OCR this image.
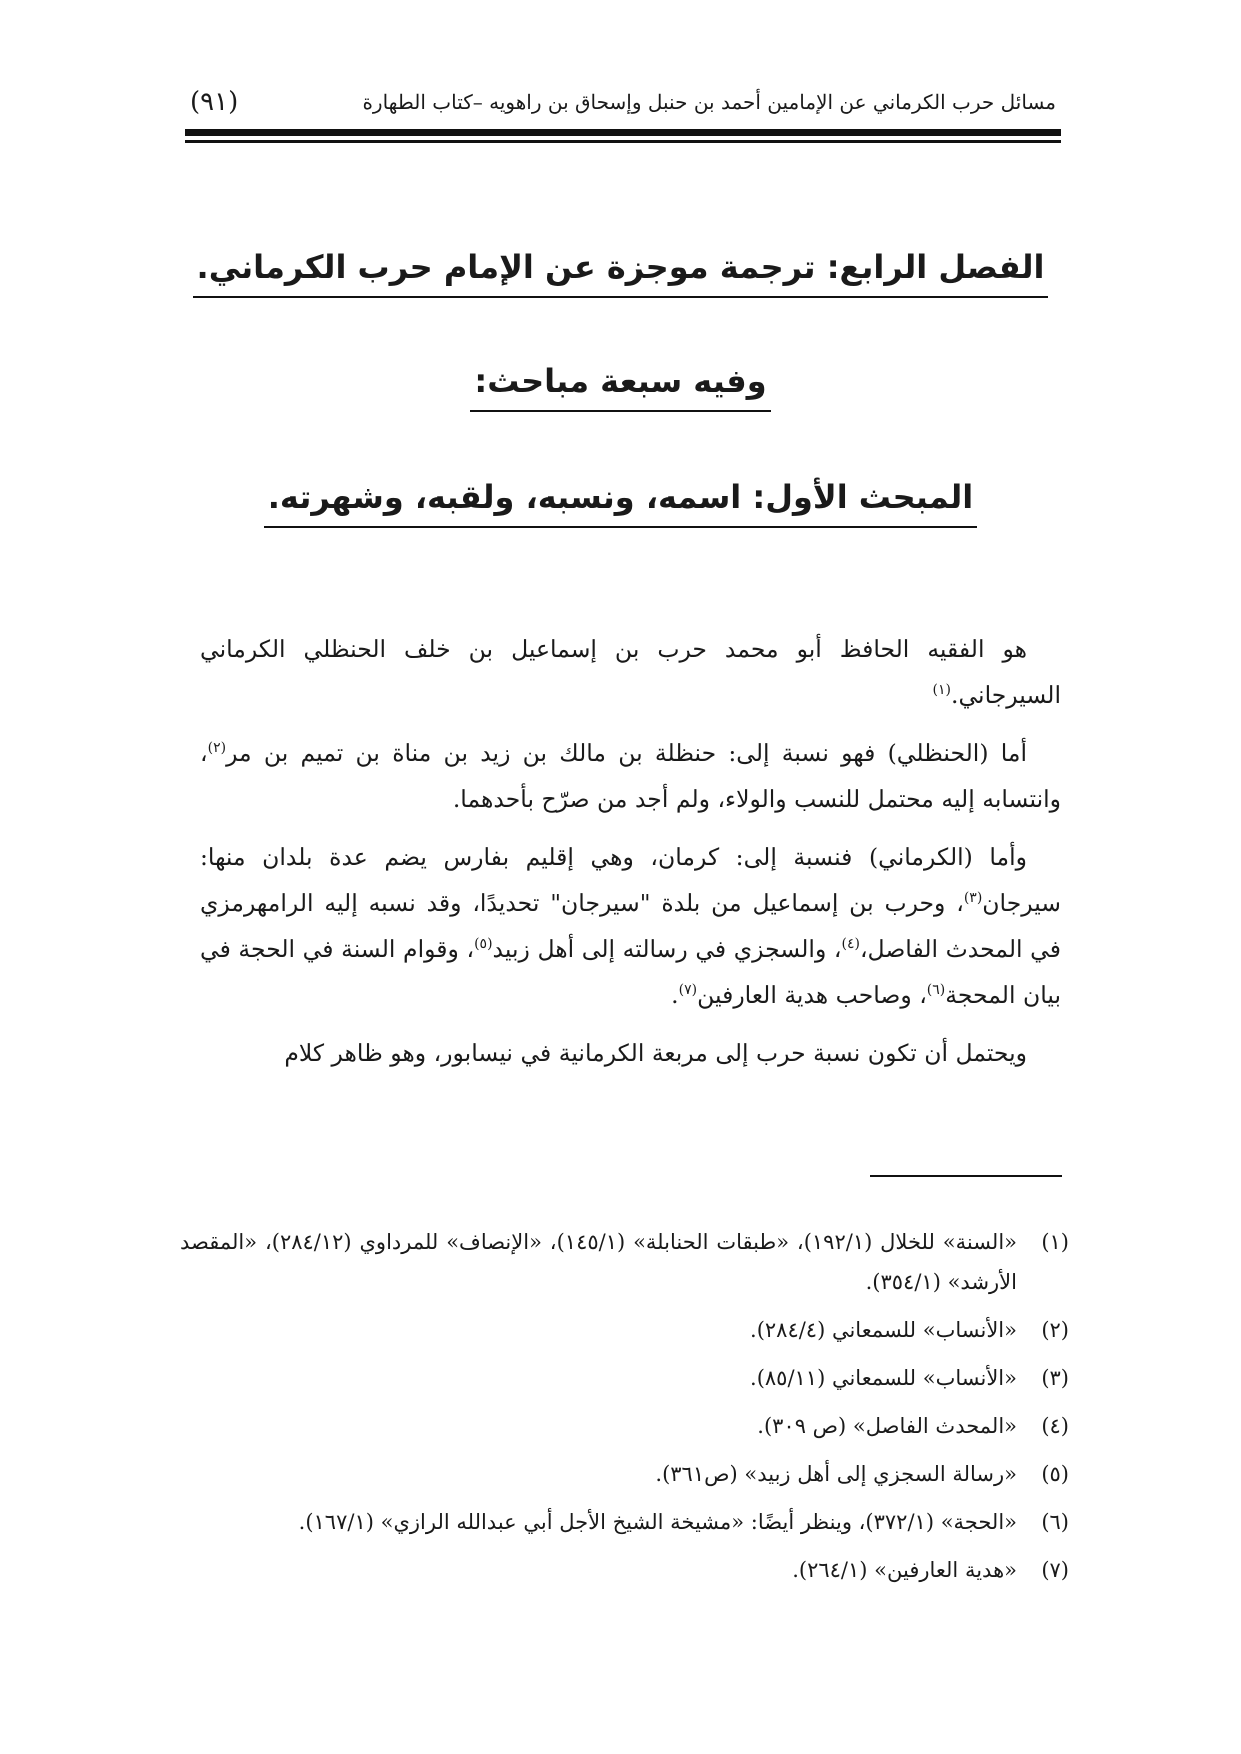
مسائل حرب الكرماني عن الإمامين أحمد بن حنبل وإسحاق بن راهويه –كتاب الطهارة
(٩١)
الفصل الرابع: ترجمة موجزة عن الإمام حرب الكرماني.
وفيه سبعة مباحث:
المبحث الأول: اسمه، ونسبه، ولقبه، وشهرته.

هو الفقيه الحافظ أبو محمد حرب بن إسماعيل بن خلف الحنظلي الكرماني السيرجاني.$^{(١)}$

أما (الحنظلي) فهو نسبة إلى: حنظلة بن مالك بن زيد بن مناة بن تميم بن مر$^{(٢)}$، وانتسابه إليه محتمل للنسب والولاء، ولم أجد من صرّح بأحدهما.

وأما (الكرماني) فنسبة إلى: كرمان، وهي إقليم بفارس يضم عدة بلدان منها: سيرجان$^{(٣)}$، وحرب بن إسماعيل من بلدة "سيرجان" تحديدًا، وقد نسبه إليه الرامهرمزي في المحدث الفاصل،$^{(٤)}$، والسجزي في رسالته إلى أهل زبيد$^{(٥)}$، وقوام السنة في الحجة في بيان المحجة$^{(٦)}$، وصاحب هدية العارفين$^{(٧)}$.

ويحتمل أن تكون نسبة حرب إلى مربعة الكرمانية في نيسابور، وهو ظاهر كلام

(١)
«السنة» للخلال (١٩٢/١)، «طبقات الحنابلة» (١٤٥/١)، «الإنصاف» للمرداوي (٢٨٤/١٢)، «المقصد الأرشد» (٣٥٤/١).
(٢)
«الأنساب» للسمعاني (٢٨٤/٤).
(٣)
«الأنساب» للسمعاني (٨٥/١١).
(٤)
«المحدث الفاصل» (ص ٣٠٩).
(٥)
«رسالة السجزي إلى أهل زبيد» (ص٣٦١).
(٦)
«الحجة» (٣٧٢/١)، وينظر أيضًا: «مشيخة الشيخ الأجل أبي عبدالله الرازي» (١٦٧/١).
(٧)
«هدية العارفين» (٢٦٤/١).
